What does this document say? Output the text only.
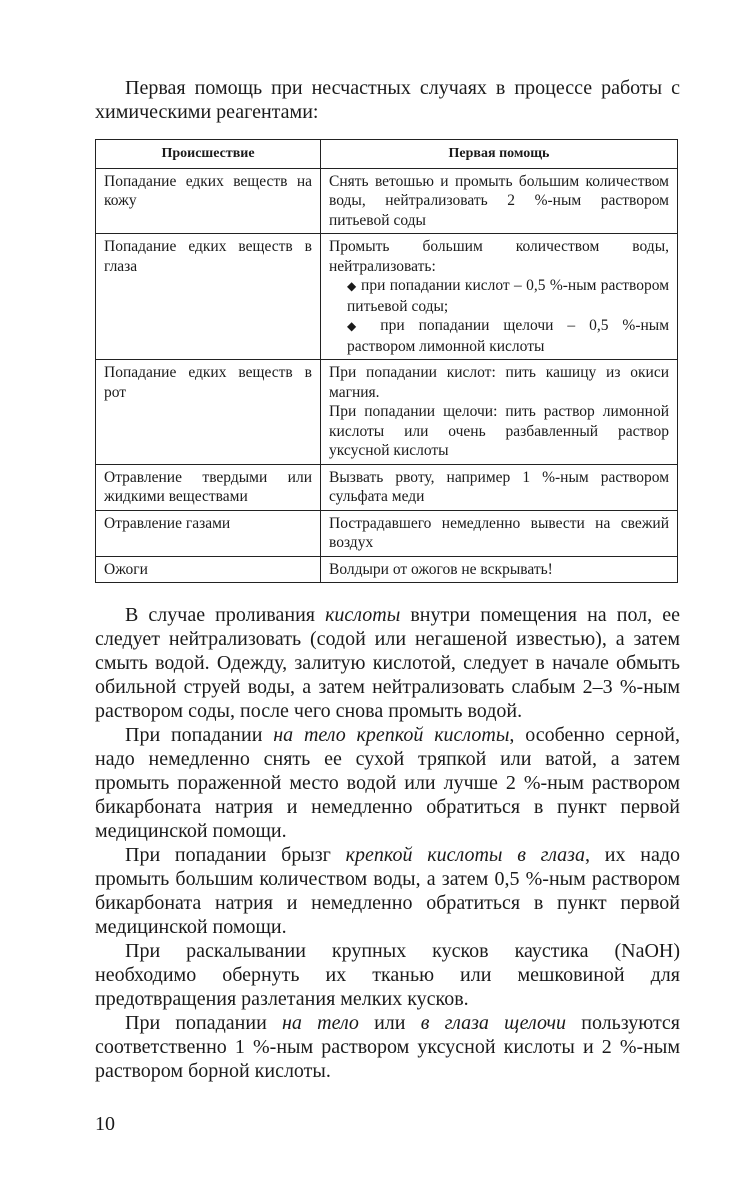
Первая помощь при несчастных случаях в процессе работы с химическими реагентами:

Происшествие	Первая помощь
Попадание едких веществ на кожу	Снять ветошью и промыть большим количеством воды, нейтрализовать 2 %-ным раствором питьевой соды

Попадание едких веществ в глаза	Промыть большим количеством воды, нейтрализовать:
◆ при попадании кислот – 0,5 %-ным раствором питьевой соды;
◆ при попадании щелочи – 0,5 %-ным раствором лимонной кислоты

Попадание едких веществ в рот	При попадании кислот: пить кашицу из окиси магния.
При попадании щелочи: пить раствор лимонной кислоты или очень разбавленный раствор уксусной кислоты

Отравление твердыми или жидкими веществами	Вызвать рвоту, например 1 %-ным раствором сульфата меди

Отравление газами	Пострадавшего немедленно вывести на свежий воздух

Ожоги	Волдыри от ожогов не вскрывать!

В случае проливания кислоты внутри помещения на пол, ее следует нейтрализовать (содой или негашеной известью), а затем смыть водой. Одежду, залитую кислотой, следует в начале обмыть обильной струей воды, а затем нейтрализовать слабым 2–3 %-ным раствором соды, после чего снова промыть водой.

При попадании на тело крепкой кислоты, особенно серной, надо немедленно снять ее сухой тряпкой или ватой, а затем промыть пораженной место водой или лучше 2 %-ным раствором бикарбоната натрия и немедленно обратиться в пункт первой медицинской помощи.

При попадании брызг крепкой кислоты в глаза, их надо промыть большим количеством воды, а затем 0,5 %-ным раствором бикарбоната натрия и немедленно обратиться в пункт первой медицинской помощи.

При раскалывании крупных кусков каустика (NaOH) необходимо обернуть их тканью или мешковиной для предотвращения разлетания мелких кусков.

При попадании на тело или в глаза щелочи пользуются соответственно 1 %-ным раствором уксусной кислоты и 2 %-ным раствором борной кислоты.

10
